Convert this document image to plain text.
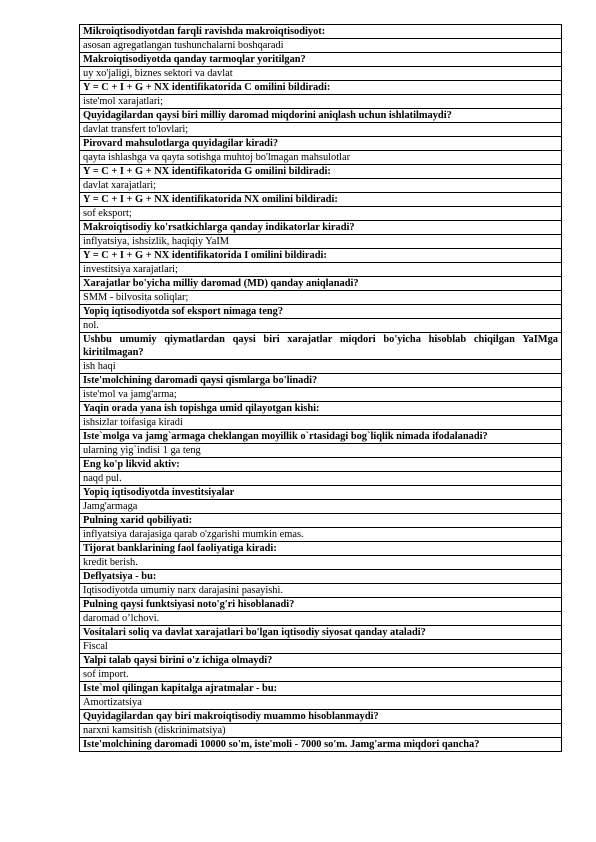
Mikroiqtisodiyotdan farqli ravishda makroiqtisodiyot:
asosan agregatlangan tushunchalarni boshqaradi
Makroiqtisodiyotda qanday tarmoqlar yoritilgan?
uy xo'jaligi, biznes sektori va davlat
Y = C + I + G + NX identifikatorida C omilini bildiradi:
iste'mol xarajatlari;
Quyidagilardan qaysi biri milliy daromad miqdorini aniqlash uchun ishlatilmaydi?
davlat transfert to'lovlari;
Pirovard mahsulotlarga quyidagilar kiradi?
qayta ishlashga va qayta sotishga muhtoj bo'lmagan mahsulotlar
Y = C + I + G + NX identifikatorida G omilini bildiradi:
davlat xarajatlari;
Y = C + I + G + NX identifikatorida NX omilini bildiradi:
sof eksport;
Makroiqtisodiy ko'rsatkichlarga qanday indikatorlar kiradi?
inflyatsiya, ishsizlik, haqiqiy YaIM
Y = C + I + G + NX identifikatorida I omilini bildiradi:
investitsiya xarajatlari;
Xarajatlar bo'yicha milliy daromad (MD) qanday aniqlanadi?
SMM - bilvosita soliqlar;
Yopiq iqtisodiyotda sof eksport nimaga teng?
nol.
Ushbu umumiy qiymatlardan qaysi biri xarajatlar miqdori bo'yicha hisoblab chiqilgan YaIMga kiritilmagan?
ish haqi
Iste'molchining daromadi qaysi qismlarga bo'linadi?
iste'mol va jamg'arma;
Yaqin orada yana ish topishga umid qilayotgan kishi:
ishsizlar toifasiga kiradi
Iste`molga va jamg`armaga cheklangan moyillik o`rtasidagi bog`liqlik nimada ifodalanadi?
ularning yig`indisi 1 ga teng
Eng ko'p likvid aktiv:
naqd pul.
Yopiq iqtisodiyotda investitsiyalar
Jamg'armaga
Pulning xarid qobiliyati:
inflyatsiya darajasiga qarab o'zgarishi mumkin emas.
Tijorat banklarining faol faoliyatiga kiradi:
kredit berish.
Deflyatsiya - bu:
Iqtisodiyotda umumiy narx darajasini pasayishi.
Pulning qaysi funktsiyasi noto'g'ri hisoblanadi?
daromad o’lchovi.
Vositalari soliq va davlat xarajatlari bo'lgan iqtisodiy siyosat qanday ataladi?
Fiscal
Yalpi talab qaysi birini o'z ichiga olmaydi?
sof import.
Iste`mol qilingan kapitalga ajratmalar - bu:
Amortizatsiya
Quyidagilardan qay biri makroiqtisodiy muammo hisoblanmaydi?
narxni kamsitish (diskrinimatsiya)
Iste'molchining daromadi 10000 so'm, iste'moli - 7000 so'm. Jamg'arma miqdori qancha?
